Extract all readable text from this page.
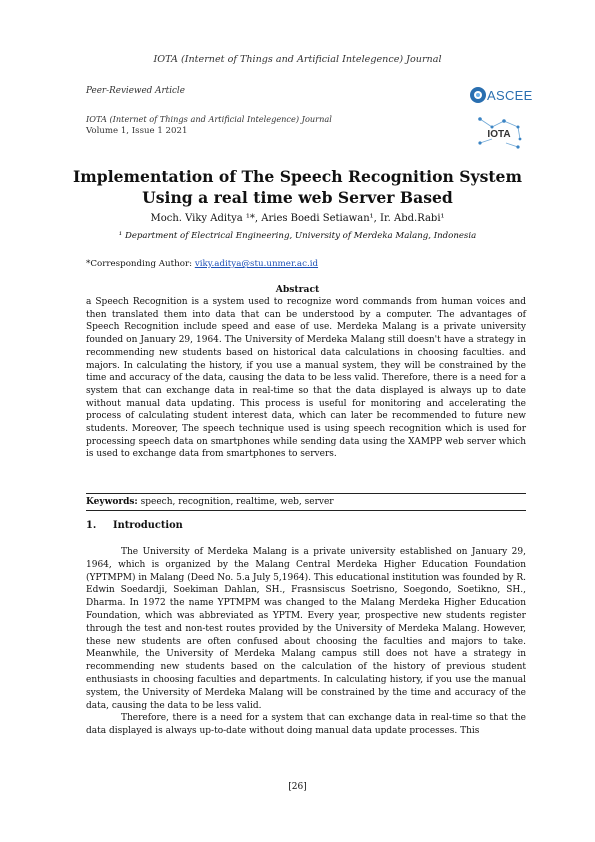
IOTA (Internet of Things and Artificial Intelegence) Journal
Peer-Reviewed Article
IOTA (Internet of Things and Artificial Intelegence) Journal
Volume 1, Issue 1 2021
ASCEE
IOTA
Implementation of The Speech Recognition System
Using a real time web Server Based
Moch. Viky Aditya ¹*, Aries Boedi Setiawan¹, Ir. Abd.Rabi¹
¹ Department of Electrical Engineering, University of Merdeka Malang, Indonesia
*Corresponding Author: viky.aditya@stu.unmer.ac.id
Abstract
a Speech Recognition is a system used to recognize word commands from human voices and then translated them into data that can be understood by a computer. The advantages of Speech Recognition include speed and ease of use. Merdeka Malang is a private university founded on January 29, 1964. The University of Merdeka Malang still doesn't have a strategy in recommending new students based on historical data calculations in choosing faculties. and majors. In calculating the history, if you use a manual system, they will be constrained by the time and accuracy of the data, causing the data to be less valid. Therefore, there is a need for a system that can exchange data in real-time so that the data displayed is always up to date without manual data updating. This process is useful for monitoring and accelerating the process of calculating student interest data, which can later be recommended to future new students. Moreover, The speech technique used is using speech recognition which is used for processing speech data on smartphones while sending data using the XAMPP web server which is used to exchange data from smartphones to servers.
Keywords: speech, recognition, realtime, web, server
1. Introduction

The University of Merdeka Malang is a private university established on January 29, 1964, which is organized by the Malang Central Merdeka Higher Education Foundation (YPTMPM) in Malang (Deed No. 5.a July 5,1964). This educational institution was founded by R. Edwin Soedardji, Soekiman Dahlan, SH., Frasnsiscus Soetrisno, Soegondo, Soetikno, SH., Dharma. In 1972 the name YPTMPM was changed to the Malang Merdeka Higher Education Foundation, which was abbreviated as YPTM. Every year, prospective new students register through the test and non-test routes provided by the University of Merdeka Malang. However, these new students are often confused about choosing the faculties and majors to take. Meanwhile, the University of Merdeka Malang campus still does not have a strategy in recommending new students based on the calculation of the history of previous student enthusiasts in choosing faculties and departments. In calculating history, if you use the manual system, the University of Merdeka Malang will be constrained by the time and accuracy of the data, causing the data to be less valid.

Therefore, there is a need for a system that can exchange data in real-time so that the data displayed is always up-to-date without doing manual data update processes. This

[26]
